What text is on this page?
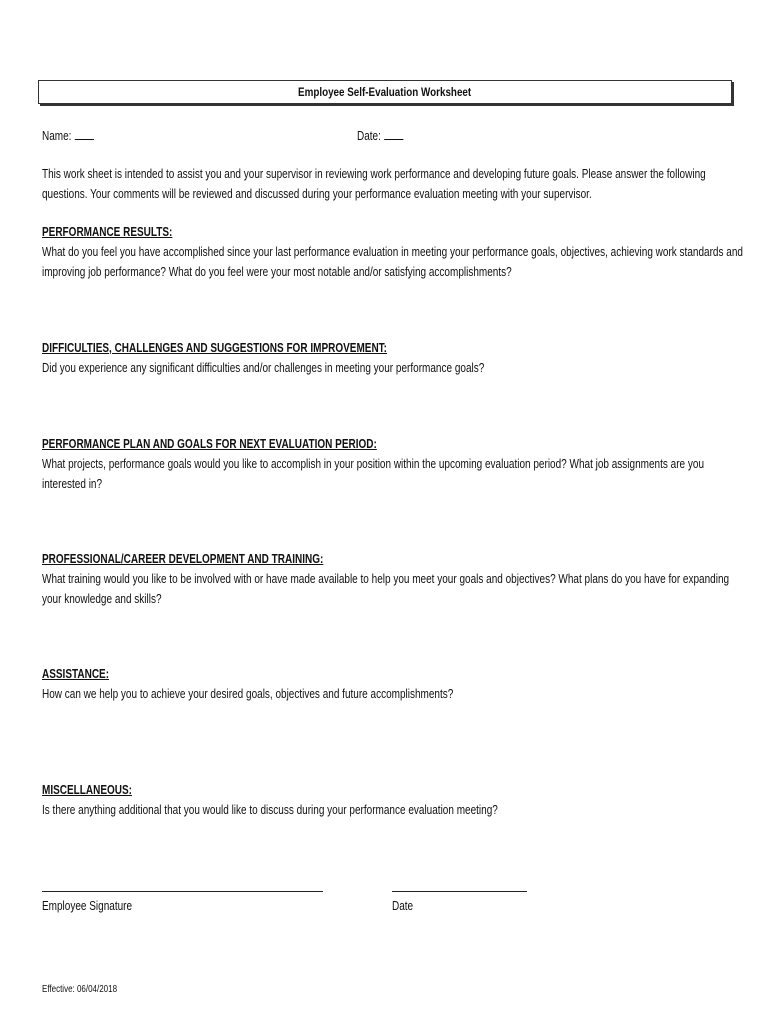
Employee Self-Evaluation Worksheet
Name:	Date:
This work sheet is intended to assist you and your supervisor in reviewing work performance and developing future goals. Please answer the following
questions. Your comments will be reviewed and discussed during your performance evaluation meeting with your supervisor.
PERFORMANCE RESULTS:
What do you feel you have accomplished since your last performance evaluation in meeting your performance goals, objectives, achieving work standards and
improving job performance? What do you feel were your most notable and/or satisfying accomplishments?
DIFFICULTIES, CHALLENGES AND SUGGESTIONS FOR IMPROVEMENT:
Did you experience any significant difficulties and/or challenges in meeting your performance goals?
PERFORMANCE PLAN AND GOALS FOR NEXT EVALUATION PERIOD:
What projects, performance goals would you like to accomplish in your position within the upcoming evaluation period? What job assignments are you
interested in?
PROFESSIONAL/CAREER DEVELOPMENT AND TRAINING:
What training would you like to be involved with or have made available to help you meet your goals and objectives? What plans do you have for expanding
your knowledge and skills?
ASSISTANCE:
How can we help you to achieve your desired goals, objectives and future accomplishments?
MISCELLANEOUS:
Is there anything additional that you would like to discuss during your performance evaluation meeting?
Employee Signature	Date
Effective: 06/04/2018
